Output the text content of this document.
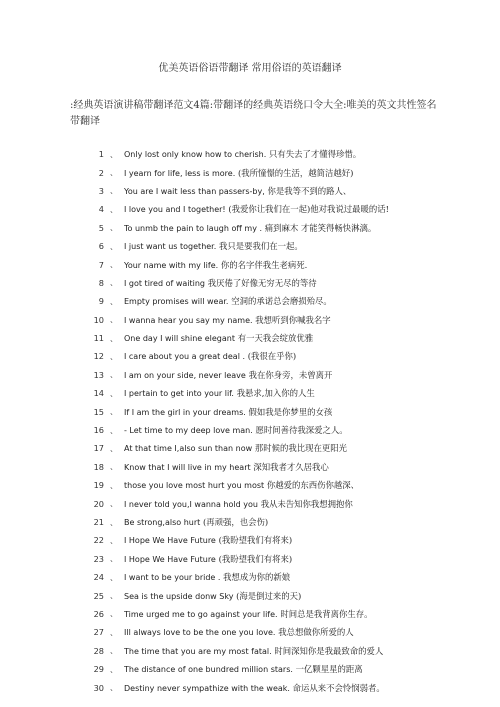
优美英语俗语带翻译 常用俗语的英语翻译
:经典英语演讲稿带翻译范文4篇:带翻译的经典英语绕口令大全:唯美的英文共性签名带翻译
1 、 Only lost only know how to cherish. 只有失去了才懂得珍惜。
2 、 I yearn for life, less is more. (我所憧憬的生活，越简洁越好)
3 、 You are I wait less than passers-by, 你是我等不到的路人、
4 、 I love you and I together! (我爱你让我们在一起)他对我说过最暖的话!
5 、 To unmb the pain to laugh off my . 痛到麻木 才能笑得畅快淋漓。
6 、 I just want us together. 我只是要我们在一起。
7 、 Your name with my life. 你的名字伴我生老病死.
8 、 I got tired of waiting 我厌倦了好像无穷无尽的等待
9 、 Empty promises will wear. 空洞的承诺总会磨损殆尽。
10 、 I wanna hear you say my name. 我想听到你喊我名字
11 、 One day I will shine elegant 有一天我会绽放优雅
12 、 I care about you a great deal . (我很在乎你)
13 、 I am on your side, never leave 我在你身旁，未曾离开
14 、 I pertain to get into your lif. 我悬求,加入你的人生
15 、 If I am the girl in your dreams. 假如我是你梦里的女孩
16 、 - Let time to my deep love man. 愿时间善待我深爱之人。
17 、 At that time I,also sun than now 那时候的我比现在更阳光
18 、 Know that I will live in my heart 深知我者才久居我心
19 、 those you love most hurt you most 你越爱的东西伤你越深、
20 、 I never told you,I wanna hold you 我从未告知你我想拥抱你
21 、 Be strong,also hurt (再顽强，也会伤)
22 、 I Hope We Have Future (我盼望我们有将来)
23 、 I Hope We Have Future (我盼望我们有将来)
24 、 I want to be your bride . 我想成为你的新娘
25 、 Sea is the upside donw Sky (海是倒过来的天)
26 、 Time urged me to go against your life. 时间总是我背离你生存。
27 、 Ill always love to be the one you love. 我总想做你所爱的人
28 、 The time that you are my most fatal. 时间深知你是我最致命的爱人
29 、 The distance of one bundred million stars. 一亿颗星星的距离
30 、 Destiny never sympathize with the weak. 命运从来不会怜悯弱者。
